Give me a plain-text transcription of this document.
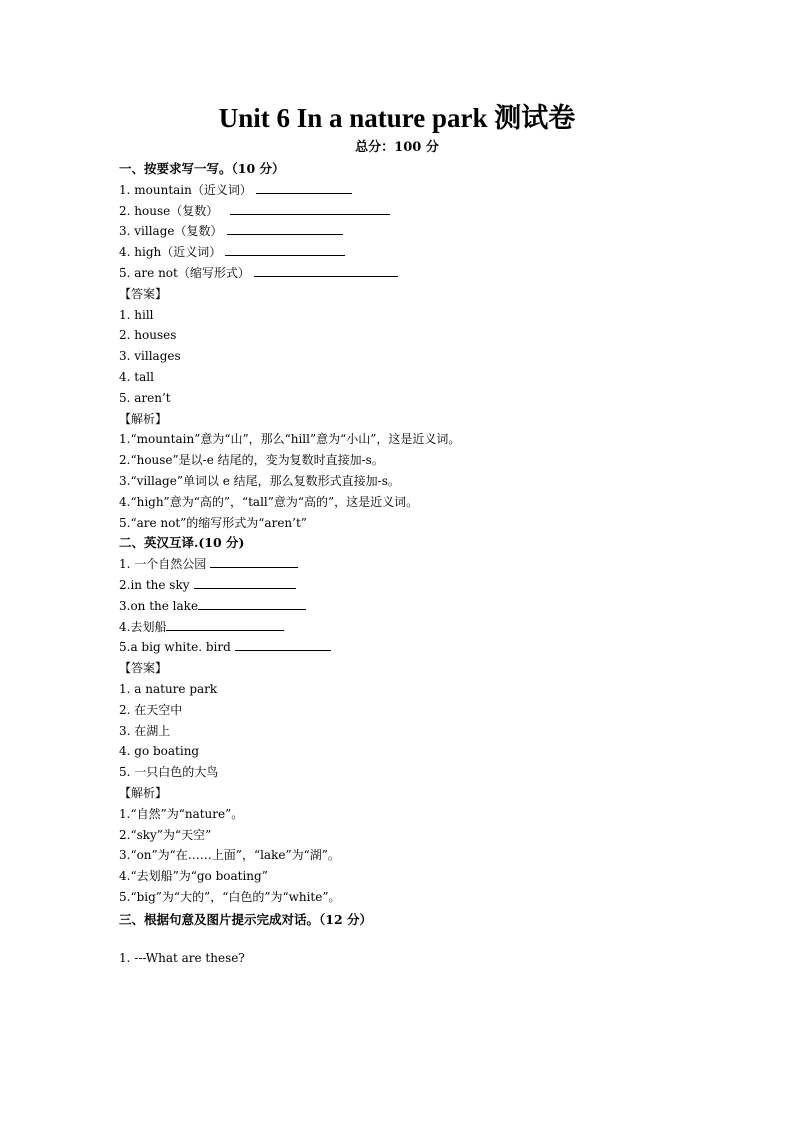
Unit 6 In a nature park 测试卷
总分：100 分
一、按要求写一写。（10 分）
1. mountain（近义词）
2. house（复数）
3. village（复数）
4. high（近义词）
5. are not（缩写形式）
【答案】
1. hill
2. houses
3. villages
4. tall
5. aren’t
【解析】
1.“mountain”意为“山”，那么“hill”意为“小山”，这是近义词。
2.“house”是以-e 结尾的，变为复数时直接加-s。
3.“village”单词以 e 结尾，那么复数形式直接加-s。
4.“high”意为“高的”，“tall”意为“高的”，这是近义词。
5.“are not”的缩写形式为“aren’t”
二、英汉互译.(10 分)
1. 一个自然公园
2.in the sky
3.on the lake
4.去划船
5.a big white. bird
【答案】
1. a nature park
2. 在天空中
3. 在湖上
4. go boating
5. 一只白色的大鸟
【解析】
1.“自然”为“nature”。
2.“sky”为“天空”
3.“on”为“在……上面”，“lake”为“湖”。
4.“去划船”为“go boating”
5.“big”为“大的”，“白色的”为“white”。
三、根据句意及图片提示完成对话。（12 分）
1. ---What are these?
